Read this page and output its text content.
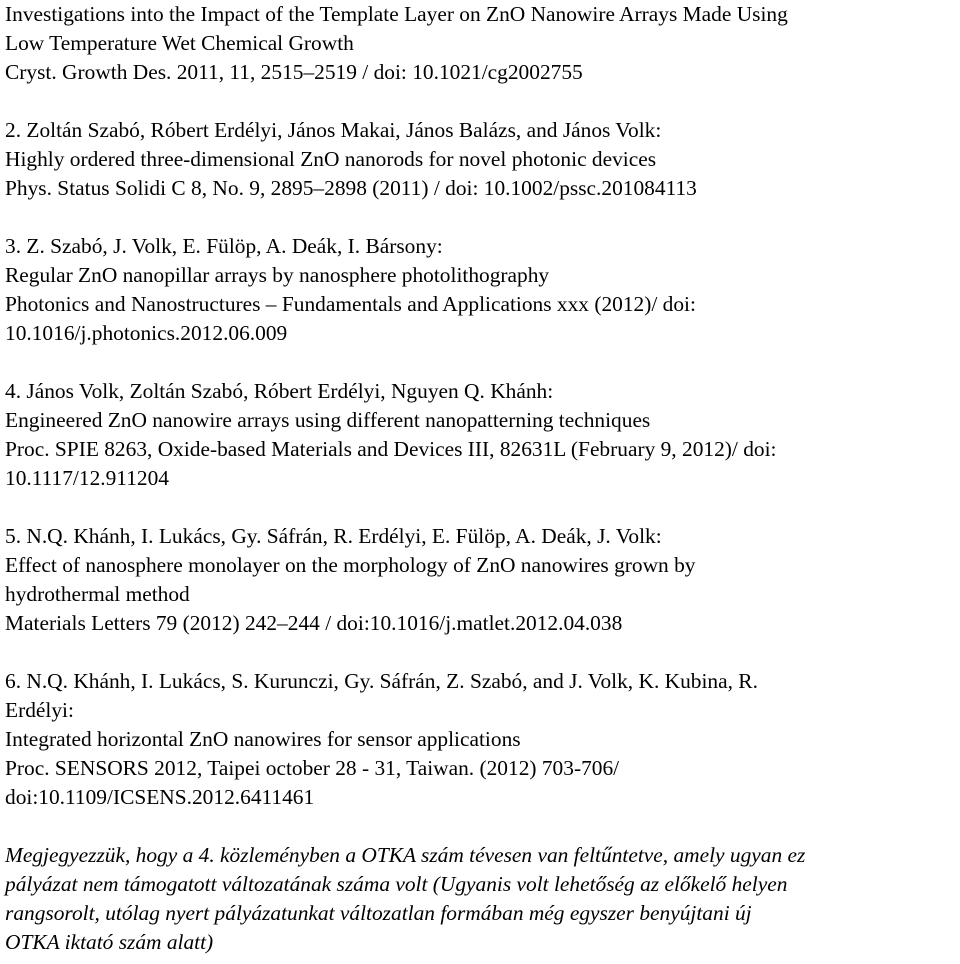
Investigations into the Impact of the Template Layer on ZnO Nanowire Arrays Made Using

Low Temperature Wet Chemical Growth

Cryst. Growth Des. 2011, 11, 2515–2519 / doi: 10.1021/cg2002755

2. Zoltán Szabó, Róbert Erdélyi, János Makai, János Balázs, and János Volk:

Highly ordered three-dimensional ZnO nanorods for novel photonic devices

Phys. Status Solidi C 8, No. 9, 2895–2898 (2011) / doi: 10.1002/pssc.201084113

3. Z. Szabó, J. Volk, E. Fülöp, A. Deák, I. Bársony:

Regular ZnO nanopillar arrays by nanosphere photolithography

Photonics and Nanostructures – Fundamentals and Applications xxx (2012)/ doi:

10.1016/j.photonics.2012.06.009

4. János Volk, Zoltán Szabó, Róbert Erdélyi, Nguyen Q. Khánh:

Engineered ZnO nanowire arrays using different nanopatterning techniques

Proc. SPIE 8263, Oxide-based Materials and Devices III, 82631L (February 9, 2012)/ doi:

10.1117/12.911204

5. N.Q. Khánh, I. Lukács, Gy. Sáfrán, R. Erdélyi, E. Fülöp, A. Deák, J. Volk:

Effect of nanosphere monolayer on the morphology of ZnO nanowires grown by

hydrothermal method

Materials Letters 79 (2012) 242–244 / doi:10.1016/j.matlet.2012.04.038

6. N.Q. Khánh, I. Lukács, S. Kurunczi, Gy. Sáfrán, Z. Szabó, and J. Volk, K. Kubina, R.

Erdélyi:

Integrated horizontal ZnO nanowires for sensor applications

Proc. SENSORS 2012, Taipei october 28 - 31, Taiwan. (2012) 703-706/

doi:10.1109/ICSENS.2012.6411461

Megjegyezzük, hogy a 4. közleményben a OTKA szám tévesen van feltűntetve, amely ugyan ez

pályázat nem támogatott változatának száma volt (Ugyanis volt lehetőség az előkelő helyen

rangsorolt, utólag nyert pályázatunkat változatlan formában még egyszer benyújtani új

OTKA iktató szám alatt)
